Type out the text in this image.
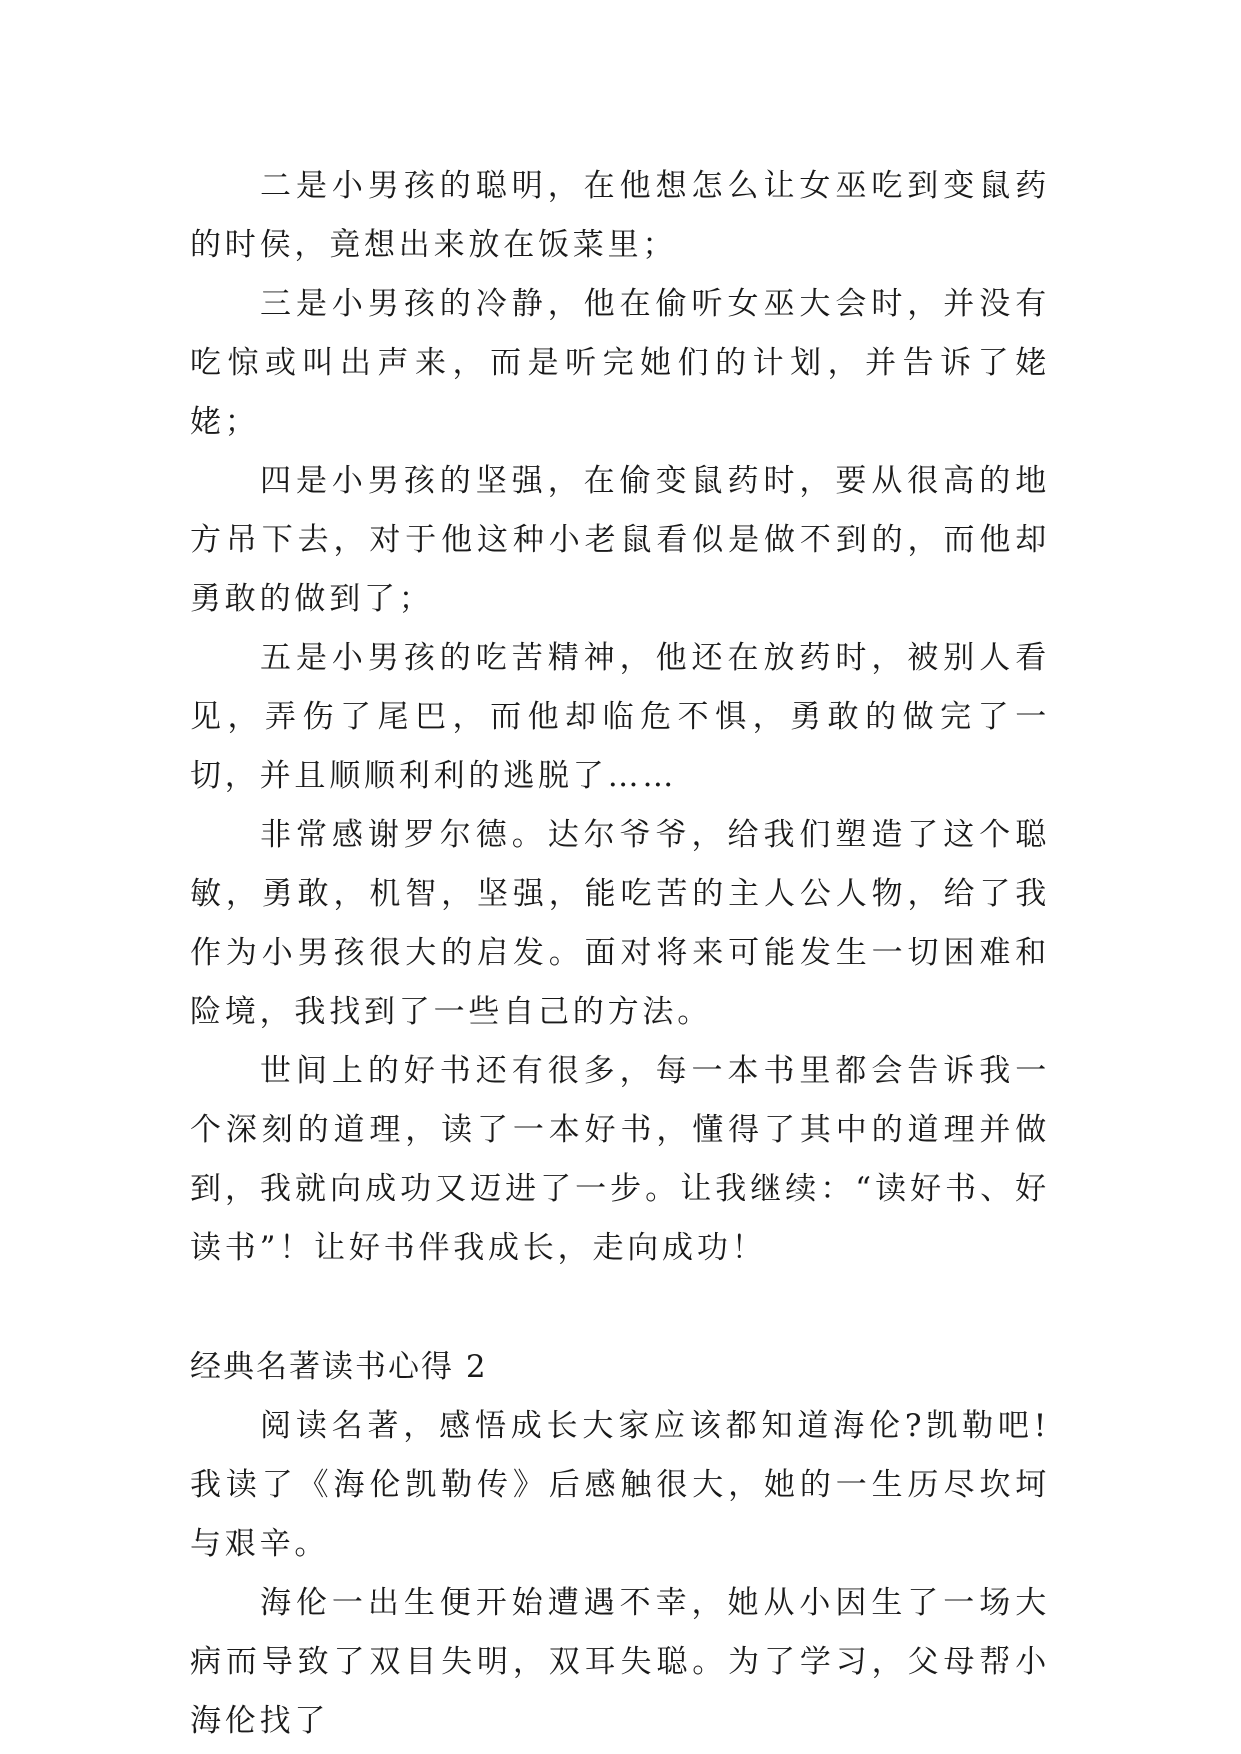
二是小男孩的聪明，在他想怎么让女巫吃到变鼠药的时侯，竟想出来放在饭菜里；

三是小男孩的冷静，他在偷听女巫大会时，并没有吃惊或叫出声来，而是听完她们的计划，并告诉了姥姥；

四是小男孩的坚强，在偷变鼠药时，要从很高的地方吊下去，对于他这种小老鼠看似是做不到的，而他却勇敢的做到了；

五是小男孩的吃苦精神，他还在放药时，被别人看见，弄伤了尾巴，而他却临危不惧，勇敢的做完了一切，并且顺顺利利的逃脱了……

非常感谢罗尔德。达尔爷爷，给我们塑造了这个聪敏，勇敢，机智，坚强，能吃苦的主人公人物，给了我作为小男孩很大的启发。面对将来可能发生一切困难和险境，我找到了一些自己的方法。

世间上的好书还有很多，每一本书里都会告诉我一个深刻的道理，读了一本好书，懂得了其中的道理并做到，我就向成功又迈进了一步。让我继续：“读好书、好读书”！让好书伴我成长，走向成功！

经典名著读书心得 2

阅读名著，感悟成长大家应该都知道海伦?凯勒吧!我读了《海伦凯勒传》后感触很大，她的一生历尽坎坷与艰辛。

海伦一出生便开始遭遇不幸，她从小因生了一场大病而导致了双目失明，双耳失聪。为了学习，父母帮小海伦找了
